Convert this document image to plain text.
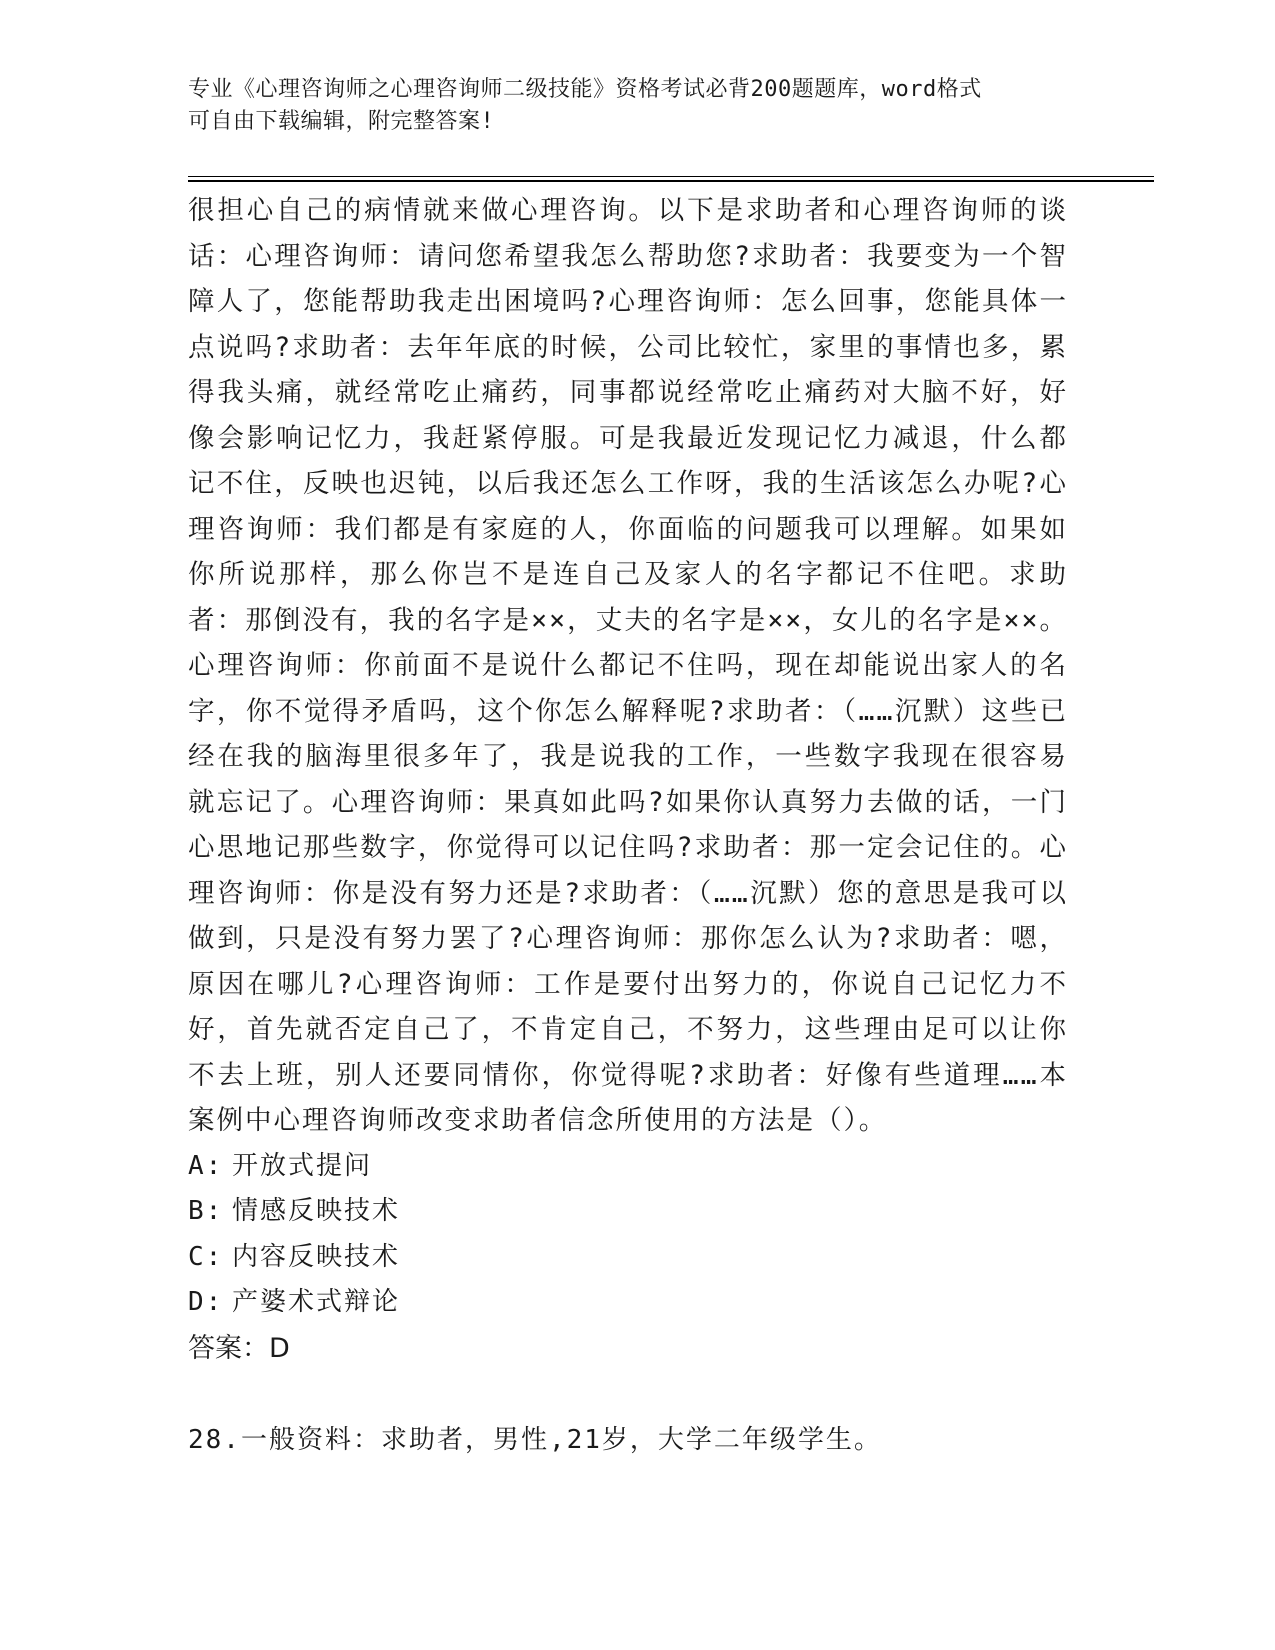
专业《心理咨询师之心理咨询师二级技能》资格考试必背200题题库，word格式
可自由下载编辑，附完整答案!

很担心自己的病情就来做心理咨询。以下是求助者和心理咨询师的谈话：心理咨询师：请问您希望我怎么帮助您?求助者：我要变为一个智障人了，您能帮助我走出困境吗?心理咨询师：怎么回事，您能具体一点说吗?求助者：去年年底的时候，公司比较忙，家里的事情也多，累得我头痛，就经常吃止痛药，同事都说经常吃止痛药对大脑不好，好像会影响记忆力，我赶紧停服。可是我最近发现记忆力减退，什么都记不住，反映也迟钝，以后我还怎么工作呀，我的生活该怎么办呢?心理咨询师：我们都是有家庭的人，你面临的问题我可以理解。如果如你所说那样，那么你岂不是连自己及家人的名字都记不住吧。求助者：那倒没有，我的名字是××，丈夫的名字是××，女儿的名字是××。心理咨询师：你前面不是说什么都记不住吗，现在却能说出家人的名字，你不觉得矛盾吗，这个你怎么解释呢?求助者：（……沉默）这些已经在我的脑海里很多年了，我是说我的工作，一些数字我现在很容易就忘记了。心理咨询师：果真如此吗?如果你认真努力去做的话，一门心思地记那些数字，你觉得可以记住吗?求助者：那一定会记住的。心理咨询师：你是没有努力还是?求助者：（……沉默）您的意思是我可以做到，只是没有努力罢了?心理咨询师：那你怎么认为?求助者：嗯，原因在哪儿?心理咨询师：工作是要付出努力的，你说自己记忆力不好，首先就否定自己了，不肯定自己，不努力，这些理由足可以让你不去上班，别人还要同情你，你觉得呢?求助者：好像有些道理……本案例中心理咨询师改变求助者信念所使用的方法是（）。

A: 开放式提问
B: 情感反映技术
C: 内容反映技术
D: 产婆术式辩论
答案：D
28.一般资料：求助者，男性,21岁，大学二年级学生。
